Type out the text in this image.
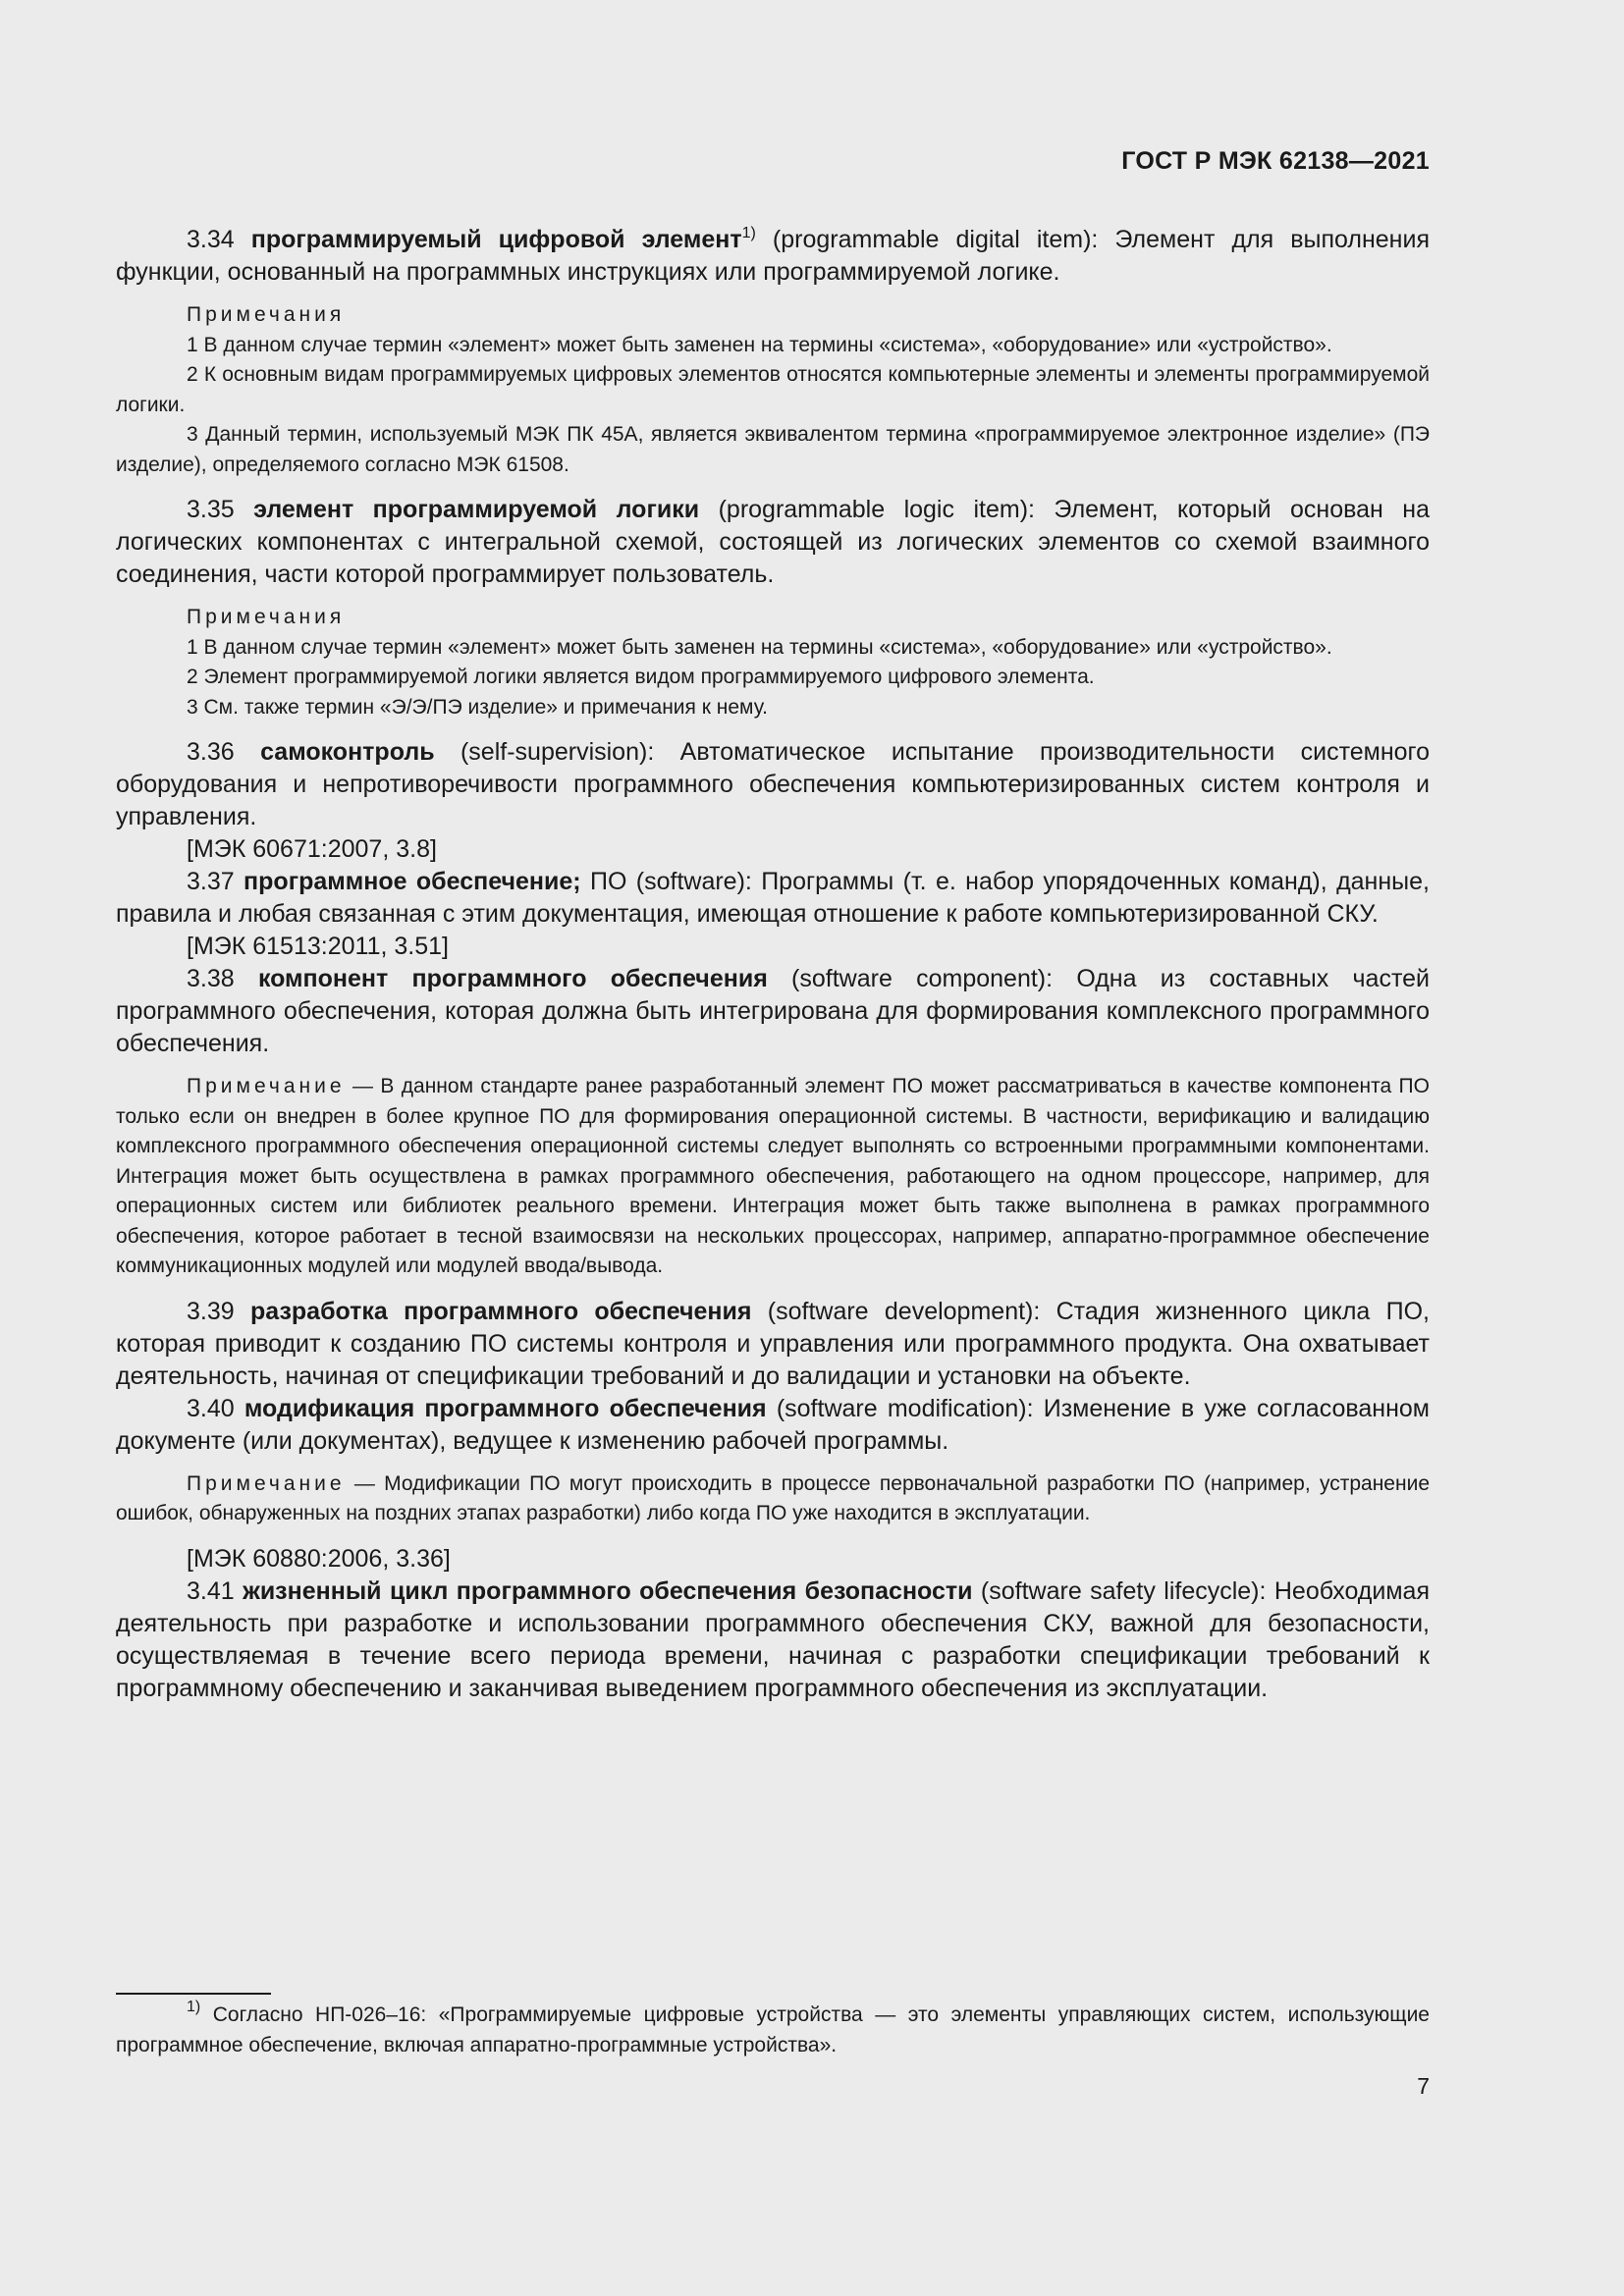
ГОСТ Р МЭК 62138—2021

3.34 программируемый цифровой элемент$^{1)}$ (programmable digital item): Элемент для выполнения функции, основанный на программных инструкциях или программируемой логике.

Примечания

1 В данном случае термин «элемент» может быть заменен на термины «система», «оборудование» или «устройство».

2 К основным видам программируемых цифровых элементов относятся компьютерные элементы и элементы программируемой логики.

3 Данный термин, используемый МЭК ПК 45А, является эквивалентом термина «программируемое электронное изделие» (ПЭ изделие), определяемого согласно МЭК 61508.

3.35 элемент программируемой логики (programmable logic item): Элемент, который основан на логических компонентах с интегральной схемой, состоящей из логических элементов со схемой взаимного соединения, части которой программирует пользователь.

Примечания

1 В данном случае термин «элемент» может быть заменен на термины «система», «оборудование» или «устройство».

2 Элемент программируемой логики является видом программируемого цифрового элемента.

3 См. также термин «Э/Э/ПЭ изделие» и примечания к нему.

3.36 самоконтроль (self-supervision): Автоматическое испытание производительности системного оборудования и непротиворечивости программного обеспечения компьютеризированных систем контроля и управления.

[МЭК 60671:2007, 3.8]

3.37 программное обеспечение; ПО (software): Программы (т. е. набор упорядоченных команд), данные, правила и любая связанная с этим документация, имеющая отношение к работе компьютеризированной СКУ.

[МЭК 61513:2011, 3.51]

3.38 компонент программного обеспечения (software component): Одна из составных частей программного обеспечения, которая должна быть интегрирована для формирования комплексного программного обеспечения.

Примечание — В данном стандарте ранее разработанный элемент ПО может рассматриваться в качестве компонента ПО только если он внедрен в более крупное ПО для формирования операционной системы. В частности, верификацию и валидацию комплексного программного обеспечения операционной системы следует выполнять со встроенными программными компонентами. Интеграция может быть осуществлена в рамках программного обеспечения, работающего на одном процессоре, например, для операционных систем или библиотек реального времени. Интеграция может быть также выполнена в рамках программного обеспечения, которое работает в тесной взаимосвязи на нескольких процессорах, например, аппаратно-программное обеспечение коммуникационных модулей или модулей ввода/вывода.

3.39 разработка программного обеспечения (software development): Стадия жизненного цикла ПО, которая приводит к созданию ПО системы контроля и управления или программного продукта. Она охватывает деятельность, начиная от спецификации требований и до валидации и установки на объекте.

3.40 модификация программного обеспечения (software modification): Изменение в уже согласованном документе (или документах), ведущее к изменению рабочей программы.

Примечание — Модификации ПО могут происходить в процессе первоначальной разработки ПО (например, устранение ошибок, обнаруженных на поздних этапах разработки) либо когда ПО уже находится в эксплуатации.

[МЭК 60880:2006, 3.36]

3.41 жизненный цикл программного обеспечения безопасности (software safety lifecycle): Необходимая деятельность при разработке и использовании программного обеспечения СКУ, важной для безопасности, осуществляемая в течение всего периода времени, начиная с разработки спецификации требований к программному обеспечению и заканчивая выведением программного обеспечения из эксплуатации.

$^{1)}$ Согласно НП-026–16: «Программируемые цифровые устройства — это элементы управляющих систем, использующие программное обеспечение, включая аппаратно-программные устройства».

7
